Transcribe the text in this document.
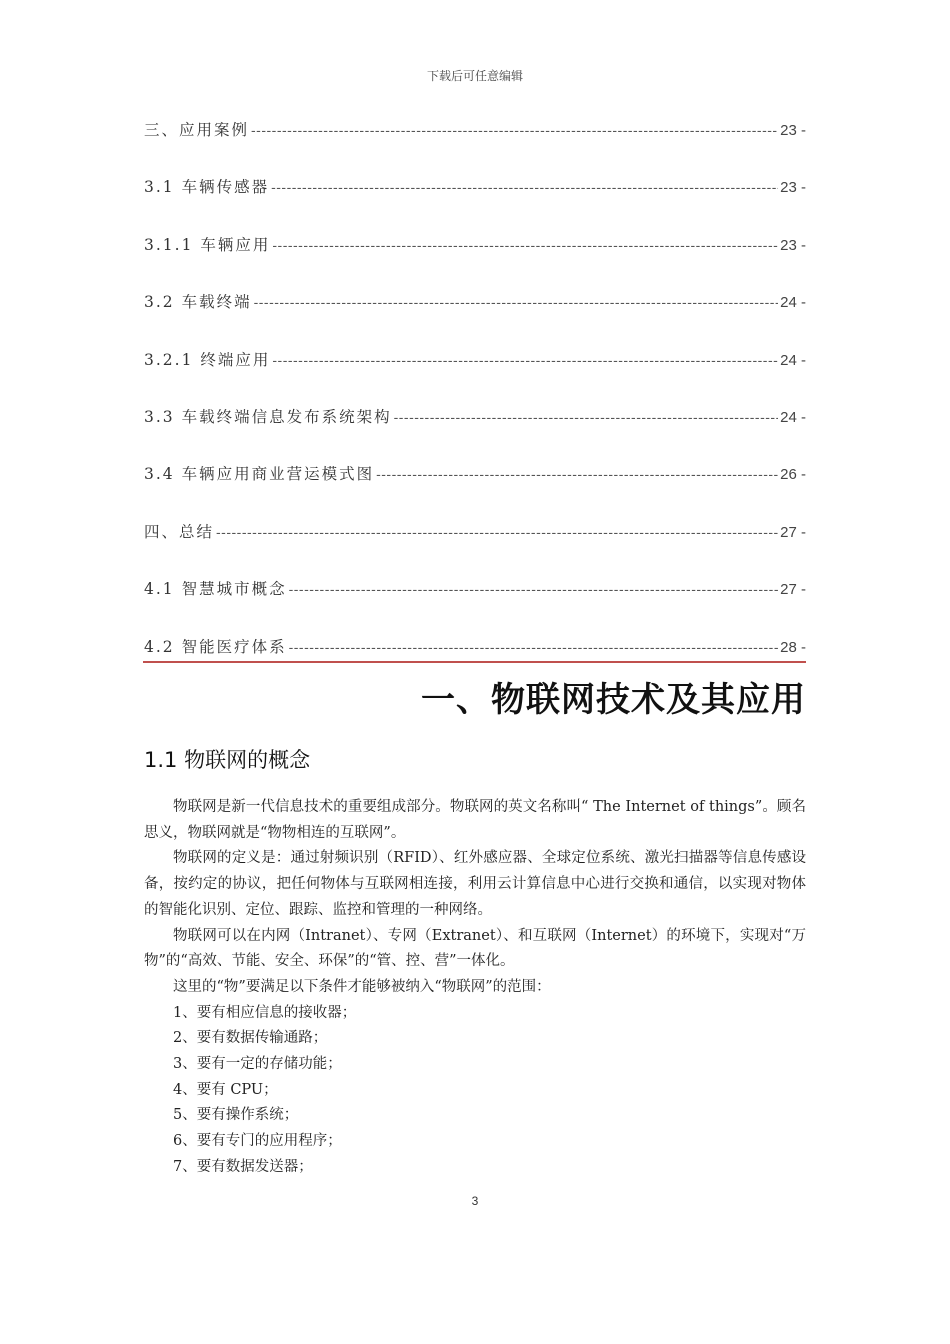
下载后可任意编辑
三、应用案例 -----	23 -
3.1 车辆传感器 -----	23 -
3.1.1 车辆应用 -----	23 -
3.2 车载终端 -----	24 -
3.2.1 终端应用 -----	24 -
3.3 车载终端信息发布系统架构 -----	24 -
3.4 车辆应用商业营运模式图 -----	26 -
四、总结 -----	27 -
4.1 智慧城市概念 -----	27 -
4.2 智能医疗体系 -----	28 -
一、物联网技术及其应用
1.1 物联网的概念

物联网是新一代信息技术的重要组成部分。物联网的英文名称叫“ The Internet of things”。顾名思义，物联网就是“物物相连的互联网”。

物联网的定义是：通过射频识别（RFID）、红外感应器、全球定位系统、激光扫描器等信息传感设备，按约定的协议，把任何物体与互联网相连接，利用云计算信息中心进行交换和通信，以实现对物体的智能化识别、定位、跟踪、监控和管理的一种网络。

物联网可以在内网（Intranet）、专网（Extranet）、和互联网（Internet）的环境下，实现对“万物”的“高效、节能、安全、环保”的“管、控、营”一体化。

这里的“物”要满足以下条件才能够被纳入“物联网”的范围：

1、要有相应信息的接收器；

2、要有数据传输通路；

3、要有一定的存储功能；

4、要有 CPU；

5、要有操作系统；

6、要有专门的应用程序；

7、要有数据发送器；

3
